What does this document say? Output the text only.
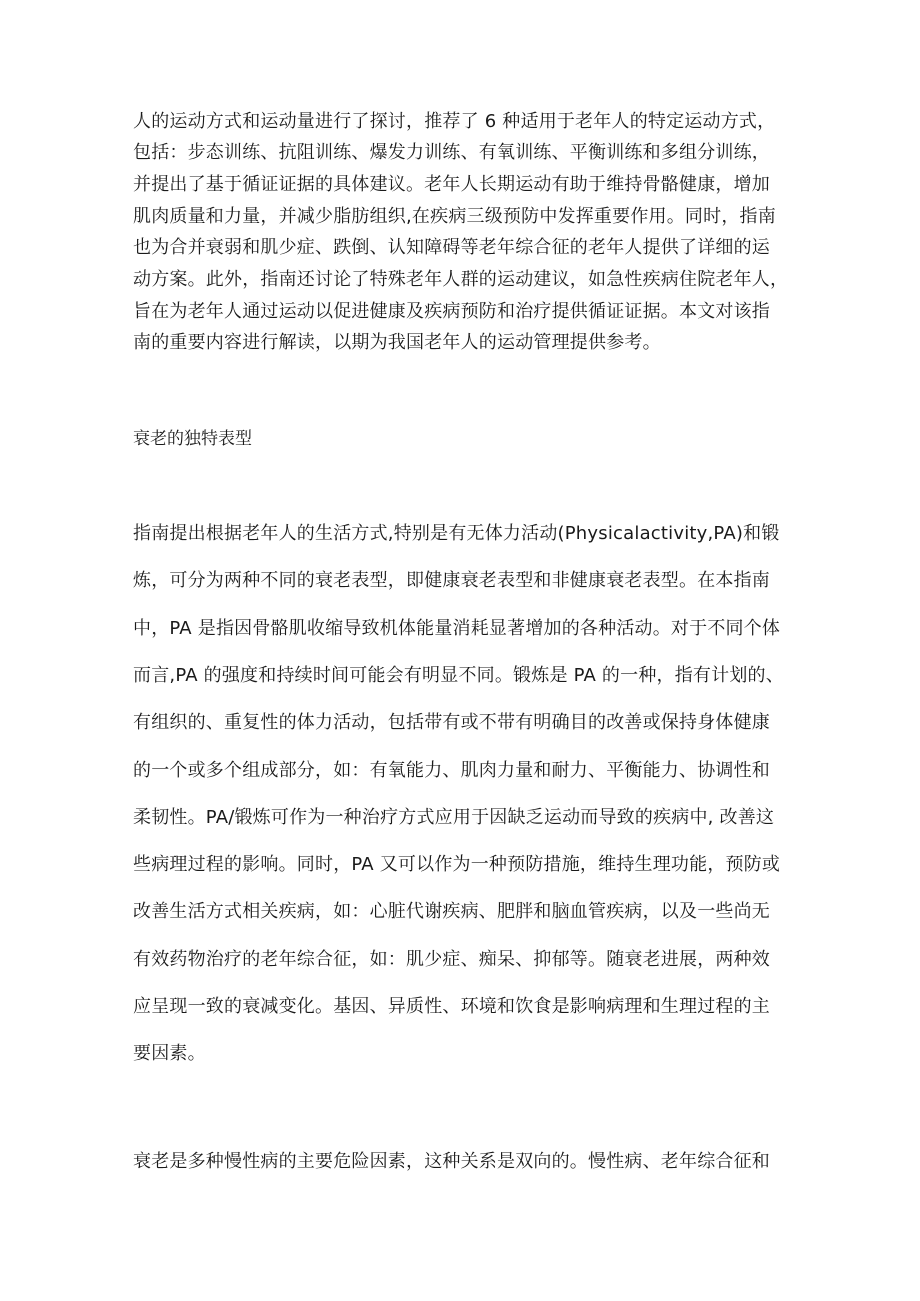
人的运动方式和运动量进行了探讨，推荐了 6 种适用于老年人的特定运动方式，
包括：步态训练、抗阻训练、爆发力训练、有氧训练、平衡训练和多组分训练，
并提出了基于循证证据的具体建议。老年人长期运动有助于维持骨骼健康，增加
肌肉质量和力量，并减少脂肪组织,在疾病三级预防中发挥重要作用。同时，指南
也为合并衰弱和肌少症、跌倒、认知障碍等老年综合征的老年人提供了详细的运
动方案。此外，指南还讨论了特殊老年人群的运动建议，如急性疾病住院老年人，
旨在为老年人通过运动以促进健康及疾病预防和治疗提供循证证据。本文对该指
南的重要内容进行解读，以期为我国老年人的运动管理提供参考。
衰老的独特表型
指南提出根据老年人的生活方式,特别是有无体力活动(Physicalactivity,PA)和锻
炼，可分为两种不同的衰老表型，即健康衰老表型和非健康衰老表型。在本指南
中，PA 是指因骨骼肌收缩导致机体能量消耗显著增加的各种活动。对于不同个体
而言,PA 的强度和持续时间可能会有明显不同。锻炼是 PA 的一种，指有计划的、
有组织的、重复性的体力活动，包括带有或不带有明确目的改善或保持身体健康
的一个或多个组成部分，如：有氧能力、肌肉力量和耐力、平衡能力、协调性和
柔韧性。PA/锻炼可作为一种治疗方式应用于因缺乏运动而导致的疾病中, 改善这
些病理过程的影响。同时，PA 又可以作为一种预防措施，维持生理功能，预防或
改善生活方式相关疾病，如：心脏代谢疾病、肥胖和脑血管疾病，以及一些尚无
有效药物治疗的老年综合征，如：肌少症、痴呆、抑郁等。随衰老进展，两种效
应呈现一致的衰减变化。基因、异质性、环境和饮食是影响病理和生理过程的主
要因素。
衰老是多种慢性病的主要危险因素，这种关系是双向的。慢性病、老年综合征和
